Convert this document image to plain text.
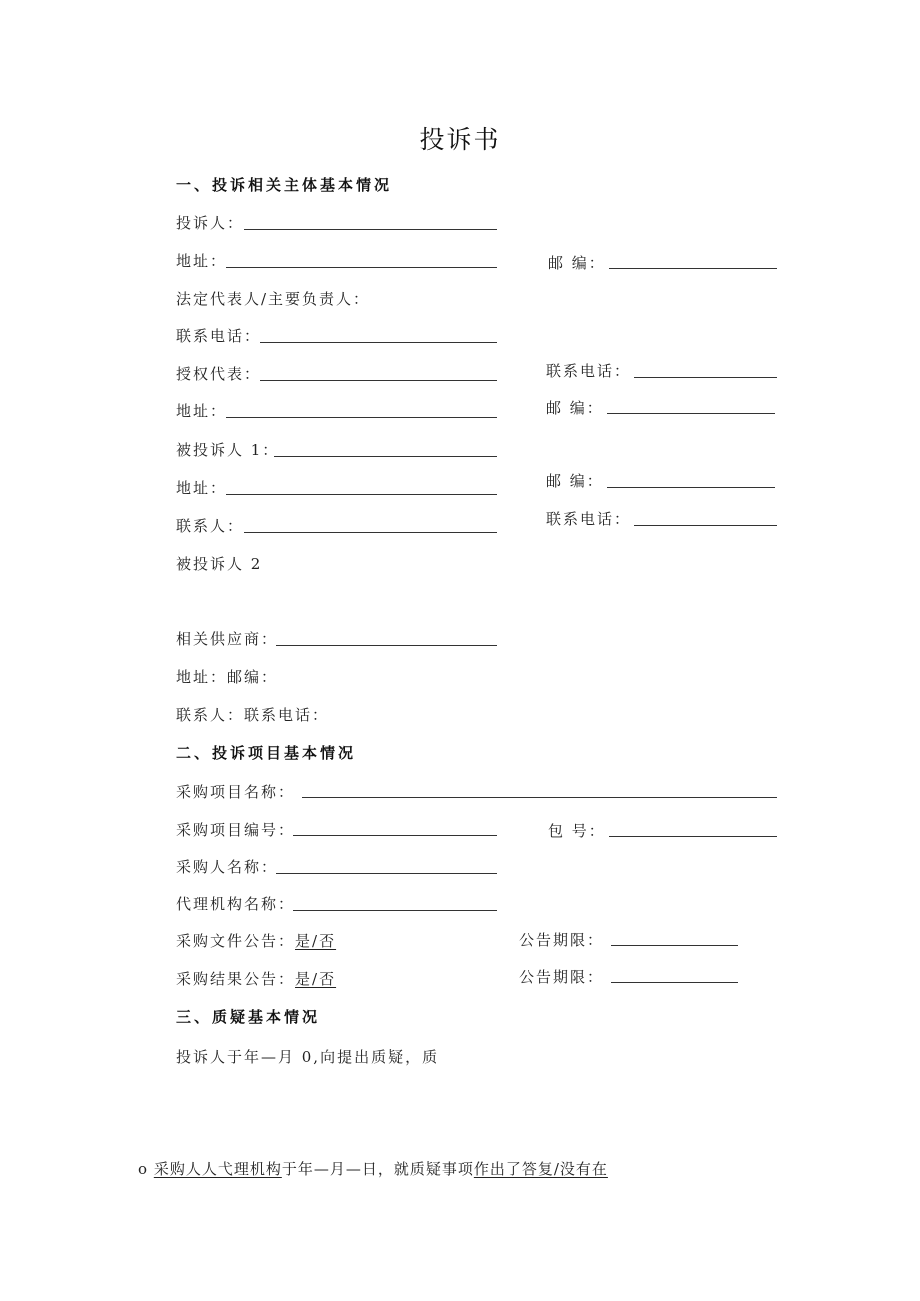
投诉书
一、投诉相关主体基本情况
投诉人：
地址：	邮 编：
法定代表人/主要负责人：
联系电话：
授权代表：	联系电话：
地址：	邮 编：
被投诉人 1：
地址：	邮 编：
联系人：	联系电话：
被投诉人 2
相关供应商：
地址：邮编：
联系人：联系电话：
二、投诉项目基本情况
采购项目名称：
采购项目编号：	包 号：
采购人名称：
代理机构名称：
采购文件公告：是/否	公告期限：
采购结果公告：是/否	公告期限：
三、质疑基本情况
投诉人于年—月 0,向提出质疑，质
o 采购人人弋理机构于年—月—日，就质疑事项作出了答复/没有在
